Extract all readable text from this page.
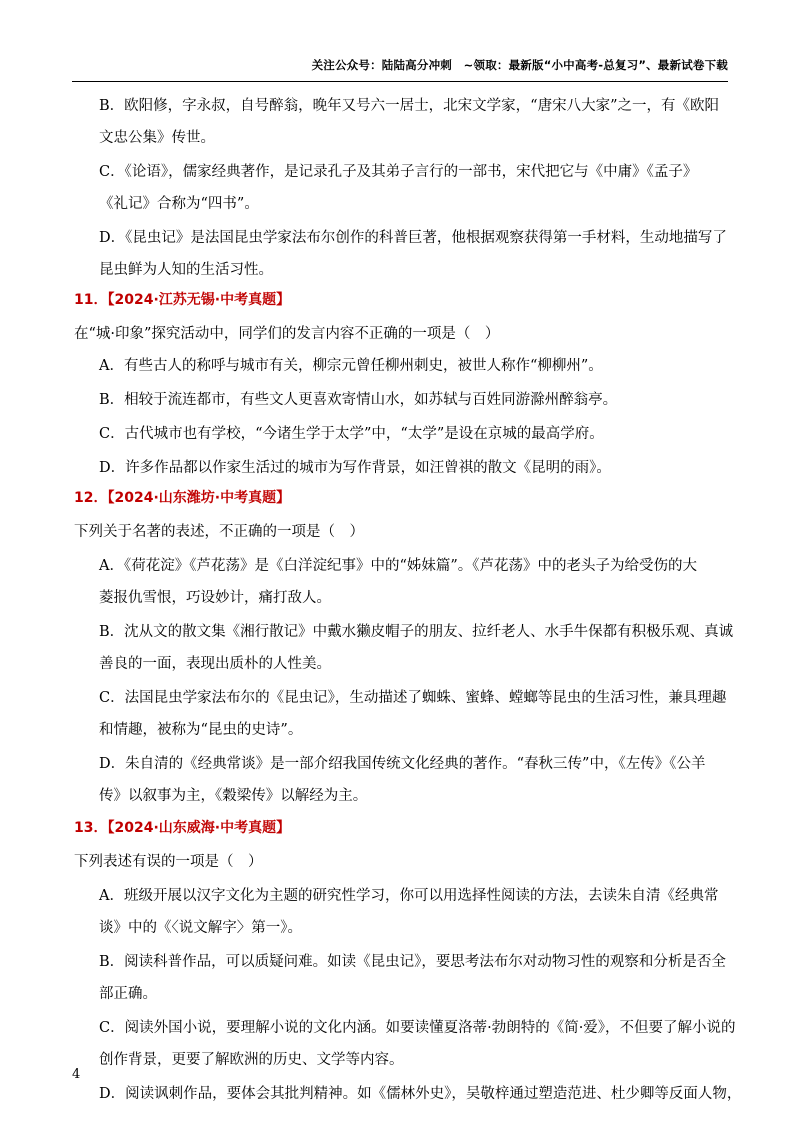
关注公众号：陆陆高分冲刺　~领取：最新版“小中高考-总复习”、最新试卷下载
B．欧阳修，字永叔，自号醉翁，晚年又号六一居士，北宋文学家，“唐宋八大家”之一，有《欧阳
文忠公集》传世。
C．《论语》，儒家经典著作，是记录孔子及其弟子言行的一部书，宋代把它与《中庸》《孟子》
《礼记》合称为“四书”。
D．《昆虫记》是法国昆虫学家法布尔创作的科普巨著，他根据观察获得第一手材料，生动地描写了
昆虫鲜为人知的生活习性。
11．【2024·江苏无锡·中考真题】
在“城·印象”探究活动中，同学们的发言内容不正确的一项是（　）
A．有些古人的称呼与城市有关，柳宗元曾任柳州刺史，被世人称作“柳柳州”。
B．相较于流连都市，有些文人更喜欢寄情山水，如苏轼与百姓同游滁州醉翁亭。
C．古代城市也有学校，“今诸生学于太学”中，“太学”是设在京城的最高学府。
D．许多作品都以作家生活过的城市为写作背景，如汪曾祺的散文《昆明的雨》。
12．【2024·山东潍坊·中考真题】
下列关于名著的表述，不正确的一项是（　）
A．《荷花淀》《芦花荡》是《白洋淀纪事》中的“姊妹篇”。《芦花荡》中的老头子为给受伤的大
菱报仇雪恨，巧设妙计，痛打敌人。
B．沈从文的散文集《湘行散记》中戴水獭皮帽子的朋友、拉纤老人、水手牛保都有积极乐观、真诚
善良的一面，表现出质朴的人性美。
C．法国昆虫学家法布尔的《昆虫记》，生动描述了蜘蛛、蜜蜂、螳螂等昆虫的生活习性，兼具理趣
和情趣，被称为“昆虫的史诗”。
D．朱自清的《经典常谈》是一部介绍我国传统文化经典的著作。“春秋三传”中，《左传》《公羊
传》以叙事为主，《穀梁传》以解经为主。
13．【2024·山东威海·中考真题】
下列表述有误的一项是（　）
A．班级开展以汉字文化为主题的研究性学习，你可以用选择性阅读的方法，去读朱自清《经典常
谈》中的《〈说文解字〉第一》。
B．阅读科普作品，可以质疑问难。如读《昆虫记》，要思考法布尔对动物习性的观察和分析是否全
部正确。
C．阅读外国小说，要理解小说的文化内涵。如要读懂夏洛蒂·勃朗特的《简·爱》，不但要了解小说的
创作背景，更要了解欧洲的历史、文学等内容。
D．阅读讽刺作品，要体会其批判精神。如《儒林外史》，吴敬梓通过塑造范进、杜少卿等反面人物，
4
